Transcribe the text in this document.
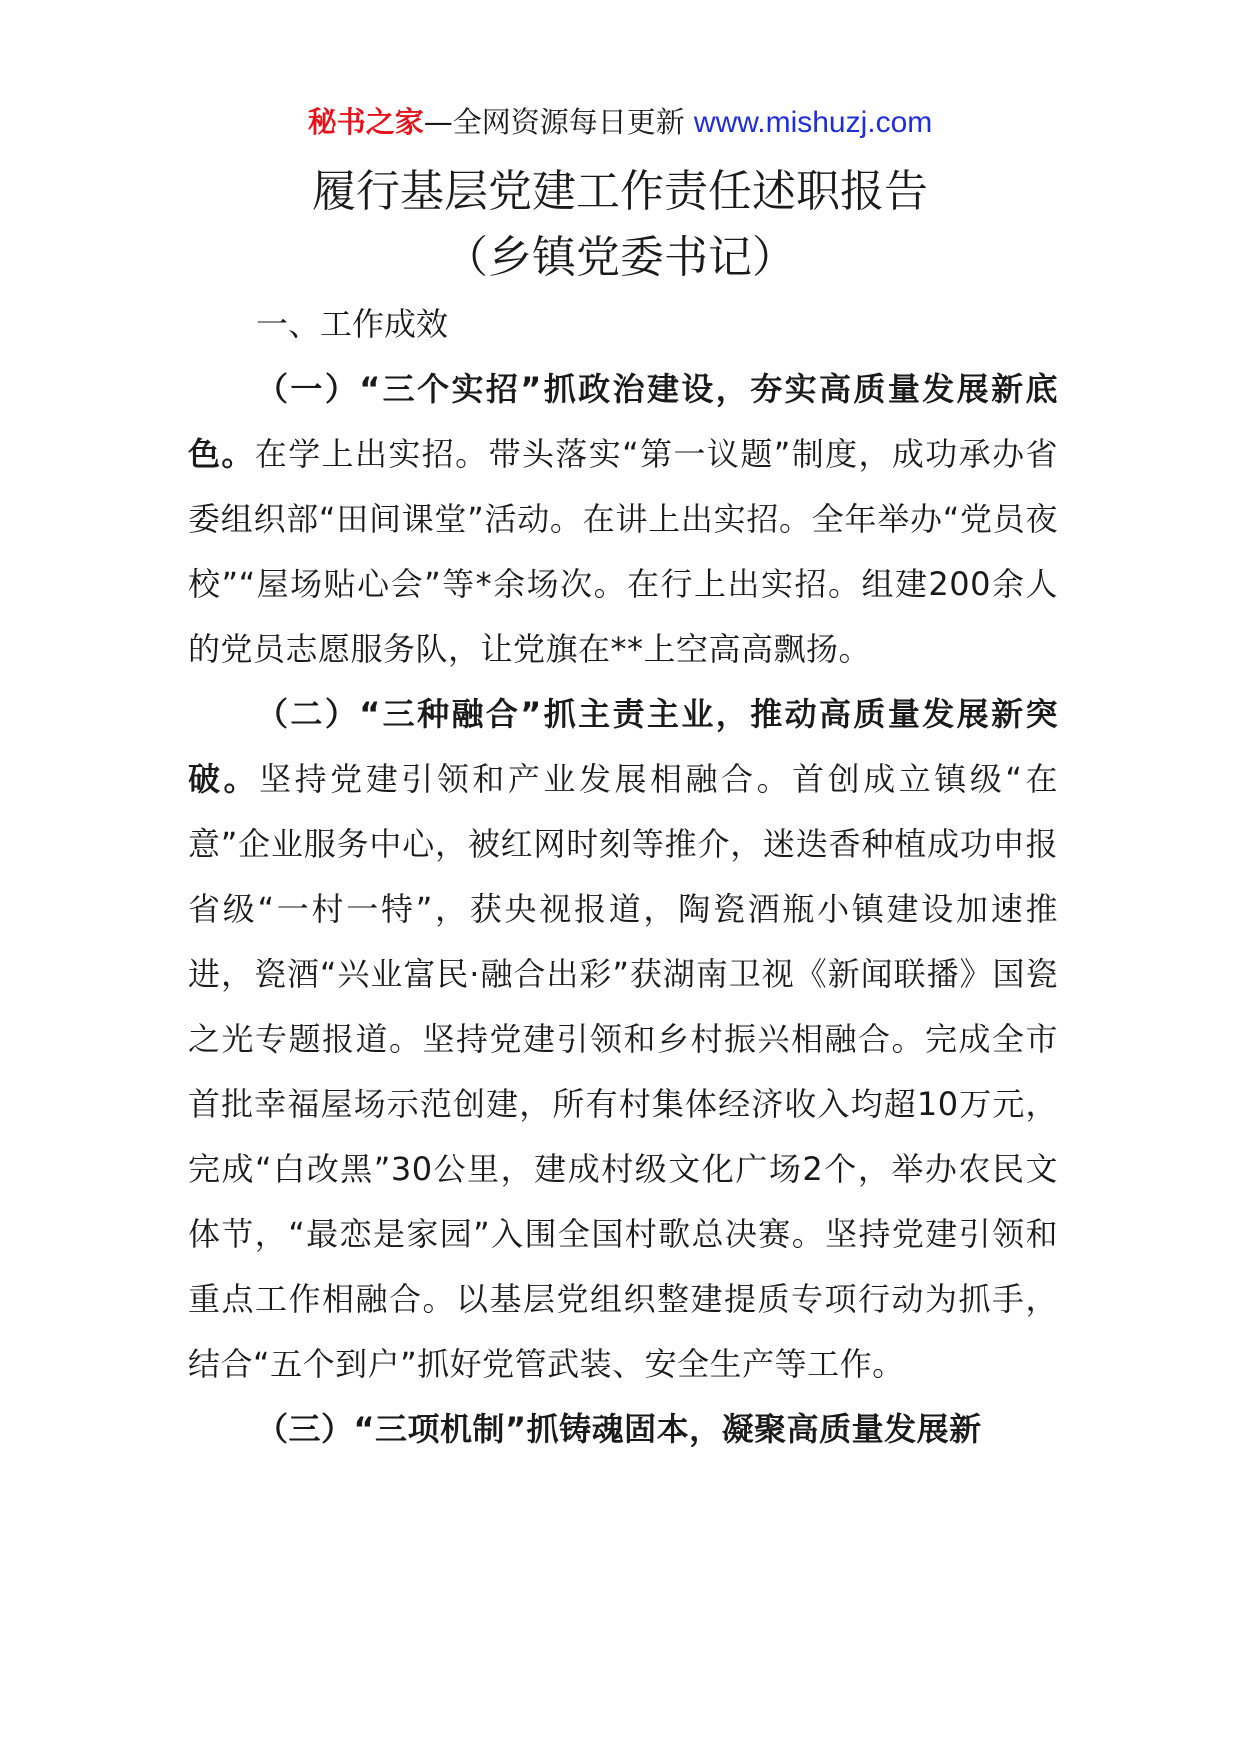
秘书之家—全网资源每日更新 www.mishuzj.com
履行基层党建工作责任述职报告
（乡镇党委书记）

一、工作成效

（一）“三个实招”抓政治建设，夯实高质量发展新底色。在学上出实招。带头落实“第一议题”制度，成功承办省委组织部“田间课堂”活动。在讲上出实招。全年举办“党员夜校”“屋场贴心会”等*余场次。在行上出实招。组建200余人的党员志愿服务队，让党旗在**上空高高飘扬。

（二）“三种融合”抓主责主业，推动高质量发展新突破。坚持党建引领和产业发展相融合。首创成立镇级“在意”企业服务中心，被红网时刻等推介，迷迭香种植成功申报省级“一村一特”，获央视报道，陶瓷酒瓶小镇建设加速推进，瓷酒“兴业富民·融合出彩”获湖南卫视《新闻联播》国瓷之光专题报道。坚持党建引领和乡村振兴相融合。完成全市首批幸福屋场示范创建，所有村集体经济收入均超10万元，完成“白改黑”30公里，建成村级文化广场2个，举办农民文体节，“最恋是家园”入围全国村歌总决赛。坚持党建引领和重点工作相融合。以基层党组织整建提质专项行动为抓手，结合“五个到户”抓好党管武装、安全生产等工作。

（三）“三项机制”抓铸魂固本，凝聚高质量发展新
